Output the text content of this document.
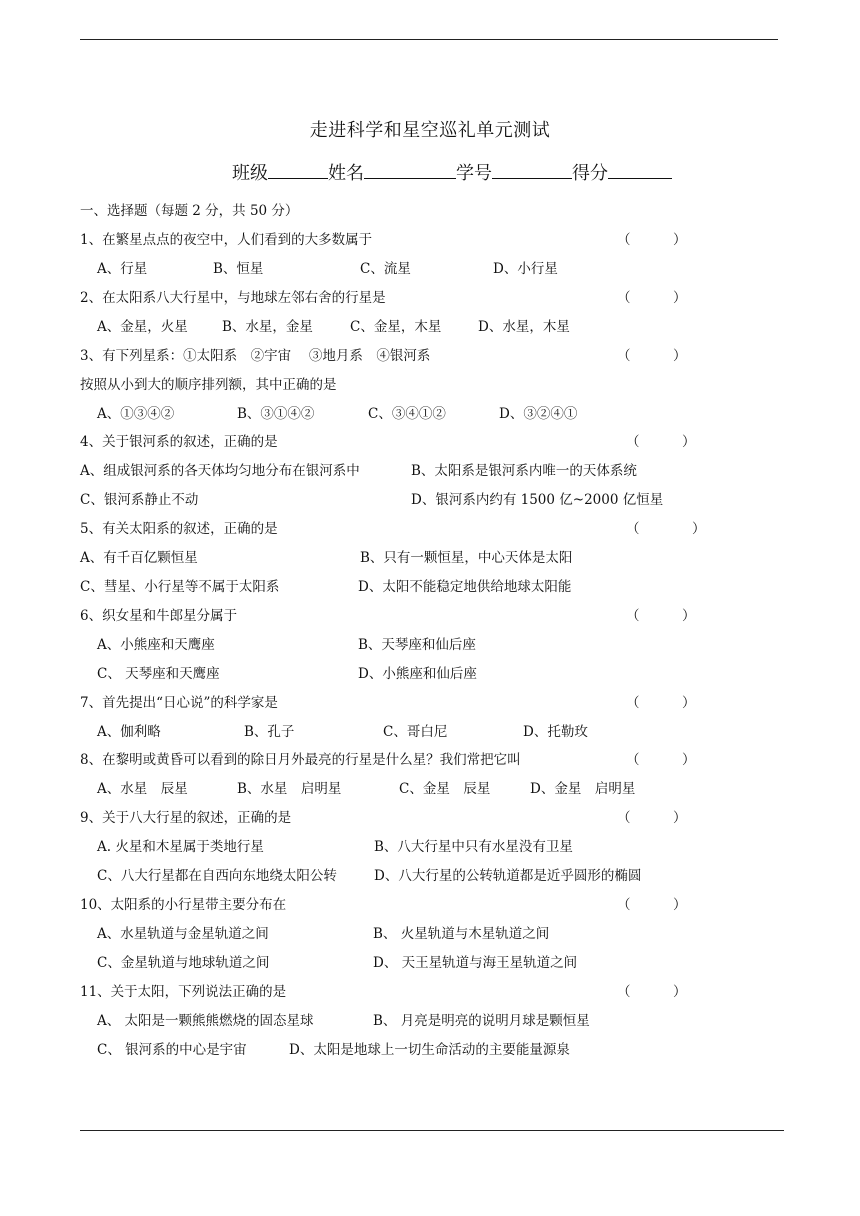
走进科学和星空巡礼单元测试
班级	姓名	学号	得分
一、选择题（每题 2 分，共 50 分）
1、在繁星点点的夜空中，人们看到的大多数属于	（	）
A、行星	B、恒星	C、流星	D、小行星
2、在太阳系八大行星中，与地球左邻右舍的行星是	（	）
A、金星，火星	B、水星，金星	C、金星，木星	D、水星，木星
3、有下列星系：①太阳系　②宇宙　 ③地月系　④银河系	（	）
按照从小到大的顺序排列额，其中正确的是
A、①③④②	B、③①④②	C、③④①②	D、③②④①
4、关于银河系的叙述，正确的是	（	）
A、组成银河系的各天体均匀地分布在银河系中	B、太阳系是银河系内唯一的天体系统
C、银河系静止不动	D、银河系内约有 1500 亿~2000 亿恒星
5、有关太阳系的叙述，正确的是	（	）
A、有千百亿颗恒星	B、只有一颗恒星，中心天体是太阳
C、彗星、小行星等不属于太阳系	D、太阳不能稳定地供给地球太阳能
6、织女星和牛郎星分属于	（	）
A、小熊座和天鹰座	B、天琴座和仙后座
C、 天琴座和天鹰座	D、小熊座和仙后座
7、首先提出“日心说”的科学家是	（	）
A、伽利略	B、孔子	C、哥白尼	D、托勒玫
8、在黎明或黄昏可以看到的除日月外最亮的行星是什么星？我们常把它叫	（	）
A、水星　辰星	B、水星　启明星	C、金星　辰星	D、金星　启明星
9、关于八大行星的叙述，正确的是	（	）
A. 火星和木星属于类地行星	B、八大行星中只有水星没有卫星
C、八大行星都在自西向东地绕太阳公转	D、八大行星的公转轨道都是近乎圆形的椭圆
10、太阳系的小行星带主要分布在	（	）
A、水星轨道与金星轨道之间	B、 火星轨道与木星轨道之间
C、金星轨道与地球轨道之间	D、 天王星轨道与海王星轨道之间
11、关于太阳，下列说法正确的是	（	）
A、 太阳是一颗熊熊燃烧的固态星球	B、 月亮是明亮的说明月球是颗恒星
C、 银河系的中心是宇宙	D、太阳是地球上一切生命活动的主要能量源泉
